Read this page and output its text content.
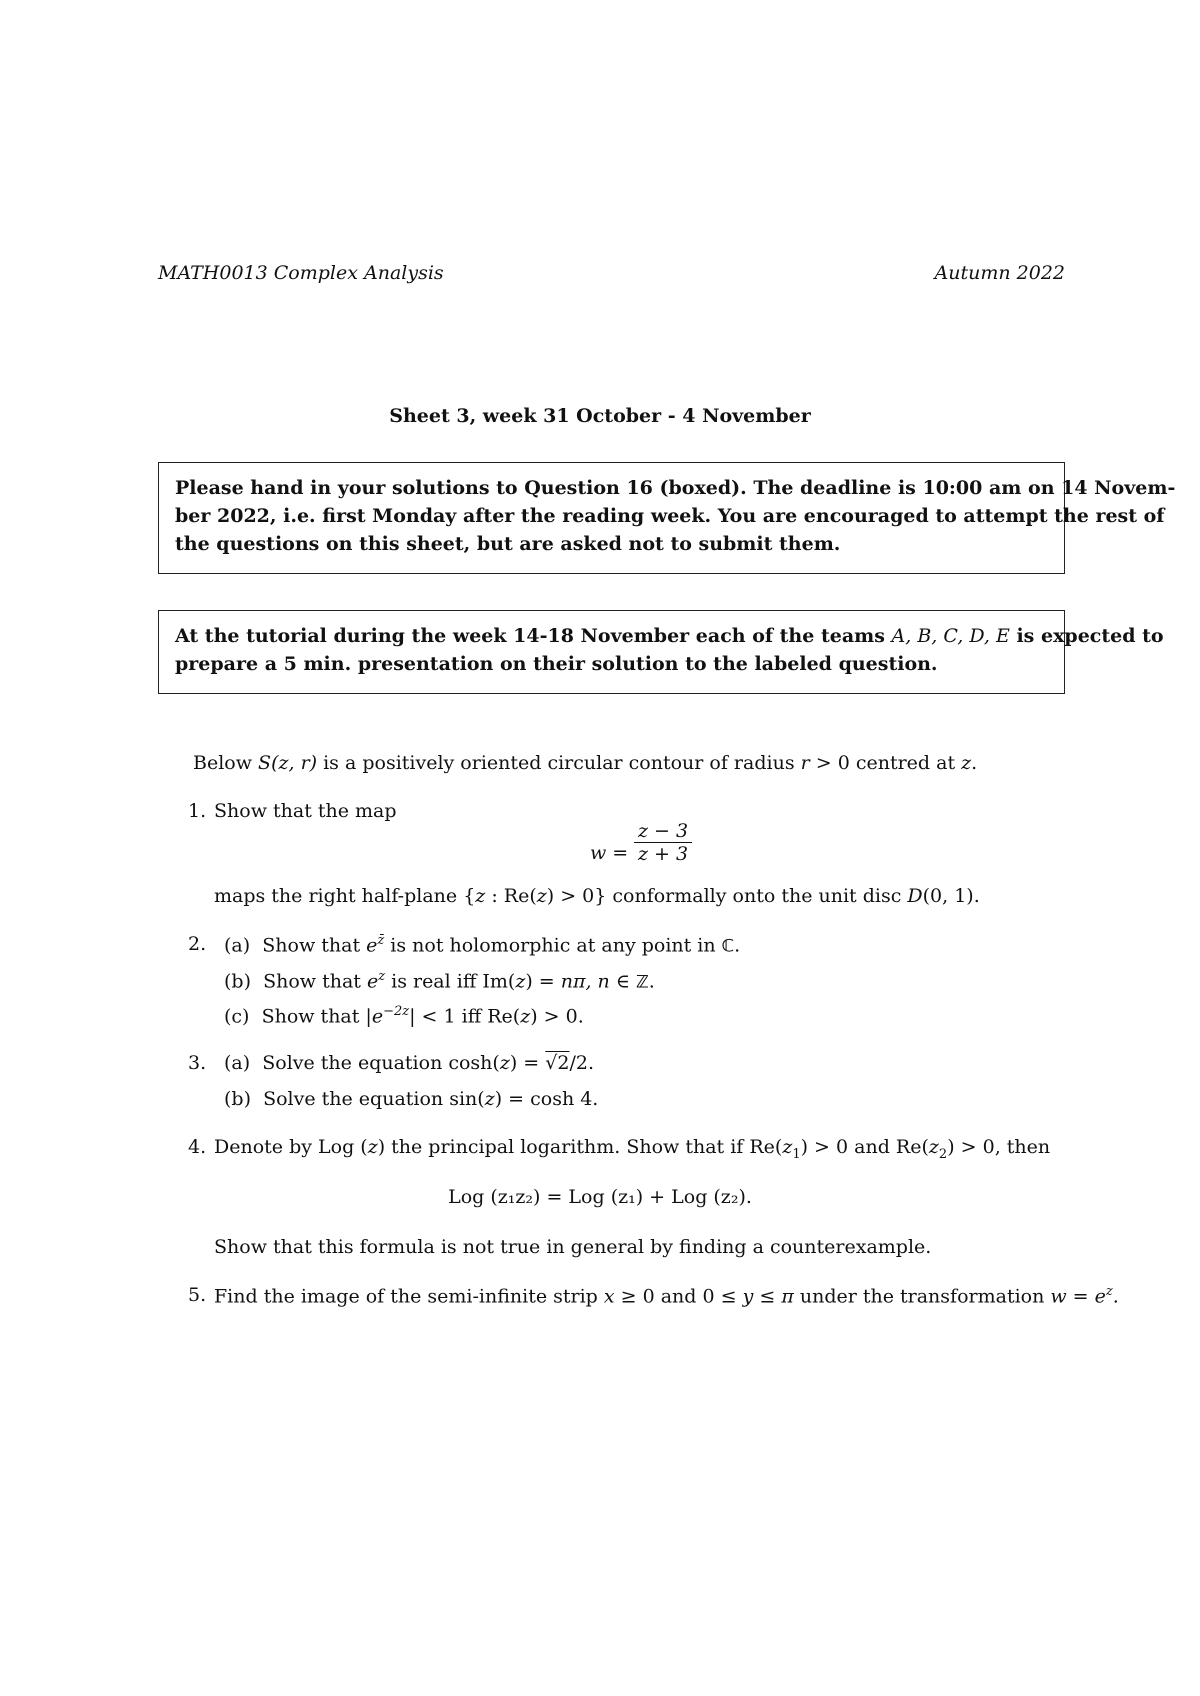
MATH0013 Complex Analysis	Autumn 2022
Sheet 3, week 31 October - 4 November
Please hand in your solutions to Question 16 (boxed). The deadline is 10:00 am on 14 Novem-
ber 2022, i.e. first Monday after the reading week. You are encouraged to attempt the rest of
the questions on this sheet, but are asked not to submit them.
At the tutorial during the week 14-18 November each of the teams A, B, C, D, E is expected to
prepare a 5 min. presentation on their solution to the labeled question.
Below S(z, r) is a positively oriented circular contour of radius r > 0 centred at z.
1. Show that the map
$w = \frac{z - 3}{z + 3}$
maps the right half-plane {z : Re(z) > 0} conformally onto the unit disc D(0, 1).
2. (a) Show that $e^{z̄}$ is not holomorphic at any point in ℂ.
(b) Show that $e^z$ is real iff Im(z) = nπ, n ∈ ℤ.
(c) Show that $|e^{-2z}| < 1$ iff Re(z) > 0.
3. (a) Solve the equation cosh(z) = √2/2.
(b) Solve the equation sin(z) = cosh 4.
4. Denote by Log (z) the principal logarithm. Show that if $Re(z_1) > 0$ and $Re(z_2) > 0$, then
Log (z₁z₂) = Log (z₁) + Log (z₂).
Show that this formula is not true in general by finding a counterexample.
5. Find the image of the semi-infinite strip x ≥ 0 and 0 ≤ y ≤ π under the transformation $w = e^z$.
